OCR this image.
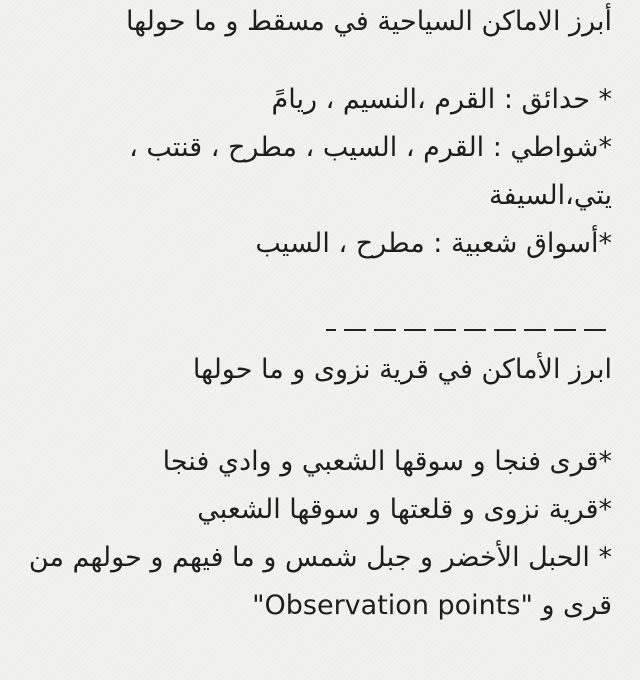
أبرز الاماكن السياحية في مسقط و ما حولها
* حدائق : القرم ،النسيم ، ريامً
*شواطي : القرم ، السيب ، مطرح ، قنتب ،
يتي،السيفة
*أسواق شعبية : مطرح ، السيب
ابرز الأماكن في قرية نزوى و ما حولها
*قرى فنجا و سوقها الشعبي و وادي فنجا
*قرية نزوى و قلعتها و سوقها الشعبي
* الحبل الأخضر و جبل شمس و ما فيهم و حولهم من
قرى و "Observation points"
